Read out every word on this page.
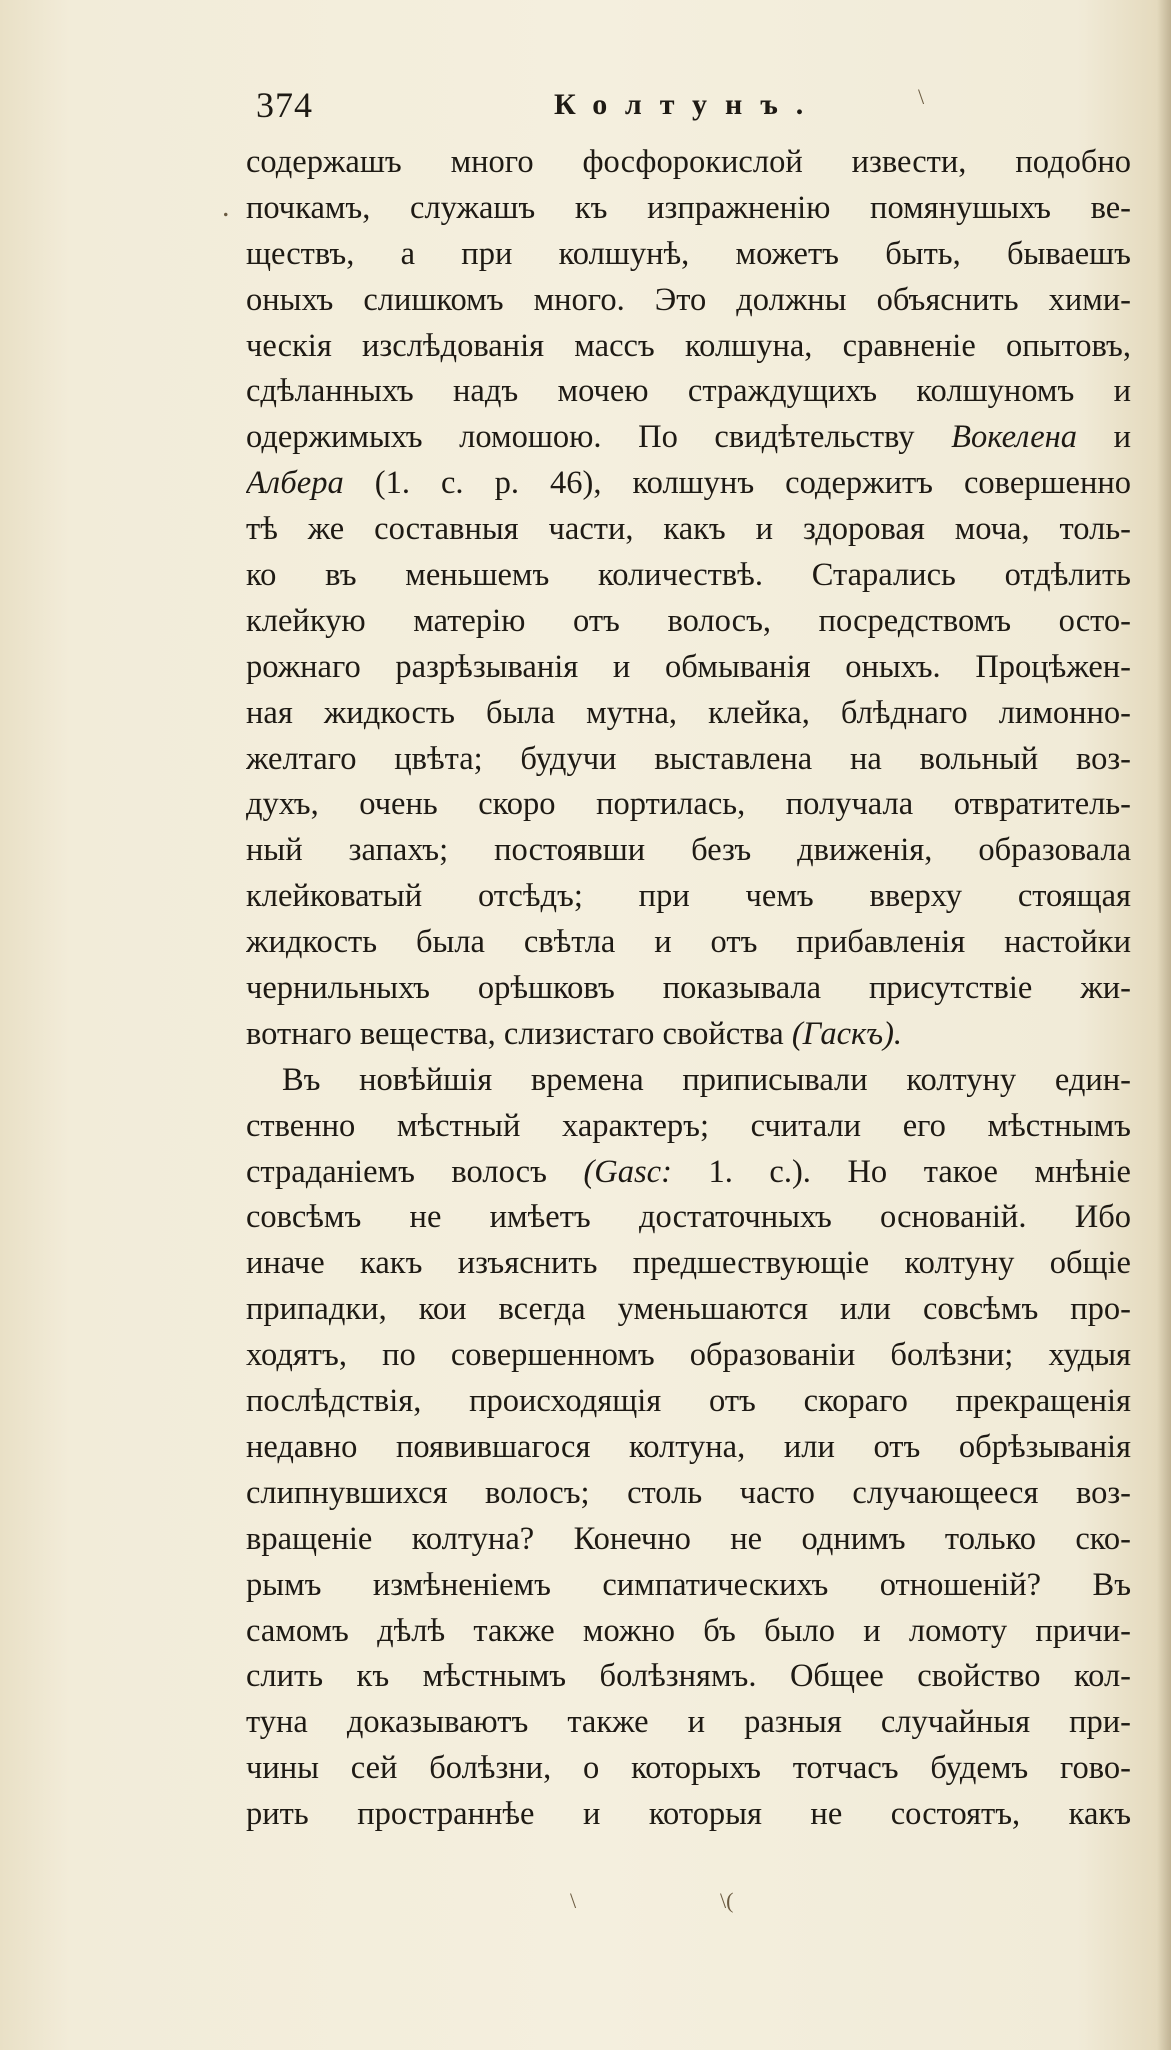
374	Колтунъ.	\
.
\	\(
содержашъ много фосфорокислой извести, подобно
почкамъ, служашъ къ изпражненію помянушыхъ ве-
ществъ, а при колшунѣ, можетъ быть, бываешъ
оныхъ слишкомъ много. Это должны объяснить хими-
ческія изслѣдованія массъ колшуна, сравненіе опытовъ,
сдѣланныхъ надъ мочею страждущихъ колшуномъ и
одержимыхъ ломошою. По свидѣтельству Вокелена и
Албера (1. с. р. 46), колшунъ содержитъ совершенно
тѣ же составныя части, какъ и здоровая моча, толь-
ко въ меньшемъ количествѣ. Старались отдѣлить
клейкую матерію отъ волосъ, посредствомъ осто-
рожнаго разрѣзыванія и обмыванія оныхъ. Процѣжен-
ная жидкость была мутна, клейка, блѣднаго лимонно-
желтаго цвѣта; будучи выставлена на вольный воз-
духъ, очень скоро портилась, получала отвратитель-
ный запахъ; постоявши безъ движенія, образовала
клейковатый отсѣдъ; при чемъ вверху стоящая
жидкость была свѣтла и отъ прибавленія настойки
чернильныхъ орѣшковъ показывала присутствіе жи-
вотнаго вещества, слизистаго свойства (Гаскъ).
Въ новѣйшія времена приписывали колтуну един-
ственно мѣстный характеръ; считали его мѣстнымъ
страданіемъ волосъ (Gasc: 1. с.). Но такое мнѣніе
совсѣмъ не имѣетъ достаточныхъ основаній. Ибо
иначе какъ изъяснить предшествующіе колтуну общіе
припадки, кои всегда уменьшаются или совсѣмъ про-
ходятъ, по совершенномъ образованіи болѣзни; худыя
послѣдствія, происходящія отъ скораго прекращенія
недавно появившагося колтуна, или отъ обрѣзыванія
слипнувшихся волосъ; столь часто случающееся воз-
вращеніе колтуна? Конечно не однимъ только ско-
рымъ измѣненіемъ симпатическихъ отношеній? Въ
самомъ дѣлѣ также можно бъ было и ломоту причи-
слить къ мѣстнымъ болѣзнямъ. Общее свойство кол-
туна доказываютъ также и разныя случайныя при-
чины сей болѣзни, о которыхъ тотчасъ будемъ гово-
рить пространнѣе и которыя не состоятъ, какъ
